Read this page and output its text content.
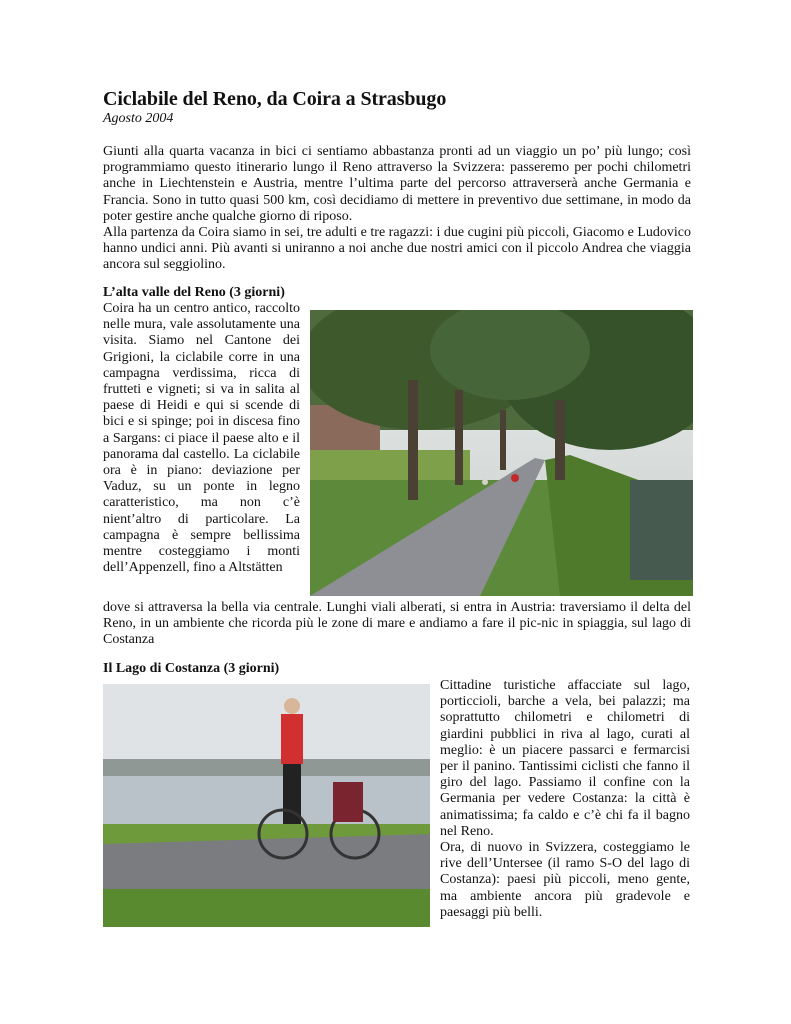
Ciclabile del Reno, da Coira a Strasbugo
Agosto 2004

Giunti alla quarta vacanza in bici ci sentiamo abbastanza pronti ad un viaggio un po’ più lungo; così programmiamo questo itinerario lungo il Reno attraverso la Svizzera: passeremo per pochi chilometri anche in Liechtenstein e Austria, mentre l’ultima parte del percorso attraverserà anche Germania e Francia. Sono in tutto quasi 500 km, così decidiamo di mettere in preventivo due settimane, in modo da poter gestire anche qualche giorno di riposo.

Alla partenza da Coira siamo in sei, tre adulti e tre ragazzi: i due cugini più piccoli, Giacomo e Ludovico hanno undici anni. Più avanti si uniranno a noi anche due nostri amici con il piccolo Andrea che viaggia ancora sul seggiolino.

L’alta valle del Reno (3 giorni)

Coira ha un centro antico, raccolto nelle mura, vale assolutamente una visita. Siamo nel Cantone dei Grigioni, la ciclabile corre in una campagna verdissima, ricca di frutteti e vigneti; si va in salita al paese di Heidi e qui si scende di bici e si spinge; poi in discesa fino a Sargans: ci piace il paese alto e il panorama dal castello. La ciclabile ora è in piano: deviazione per Vaduz, su un ponte in legno caratteristico, ma non c’è nient’altro di particolare. La campagna è sempre bellissima mentre costeggiamo i monti dell’Appenzell, fino a Altstätten

dove si attraversa la bella via centrale. Lunghi viali alberati, si entra in Austria: traversiamo il delta del Reno, in un ambiente che ricorda più le zone di mare e andiamo a fare il pic-nic in spiaggia, sul lago di Costanza

Il Lago di Costanza (3 giorni)

Cittadine turistiche affacciate sul lago, porticcioli, barche a vela, bei palazzi; ma soprattutto chilometri e chilometri di giardini pubblici in riva al lago, curati al meglio: è un piacere passarci e fermarcisi per il panino. Tantissimi ciclisti che fanno il giro del lago. Passiamo il confine con la Germania per vedere Costanza: la città è animatissima; fa caldo e c’è chi fa il bagno nel Reno.

Ora, di nuovo in Svizzera, costeggiamo le rive dell’Untersee (il ramo S-O del lago di Costanza): paesi più piccoli, meno gente, ma ambiente ancora più gradevole e paesaggi più belli.
